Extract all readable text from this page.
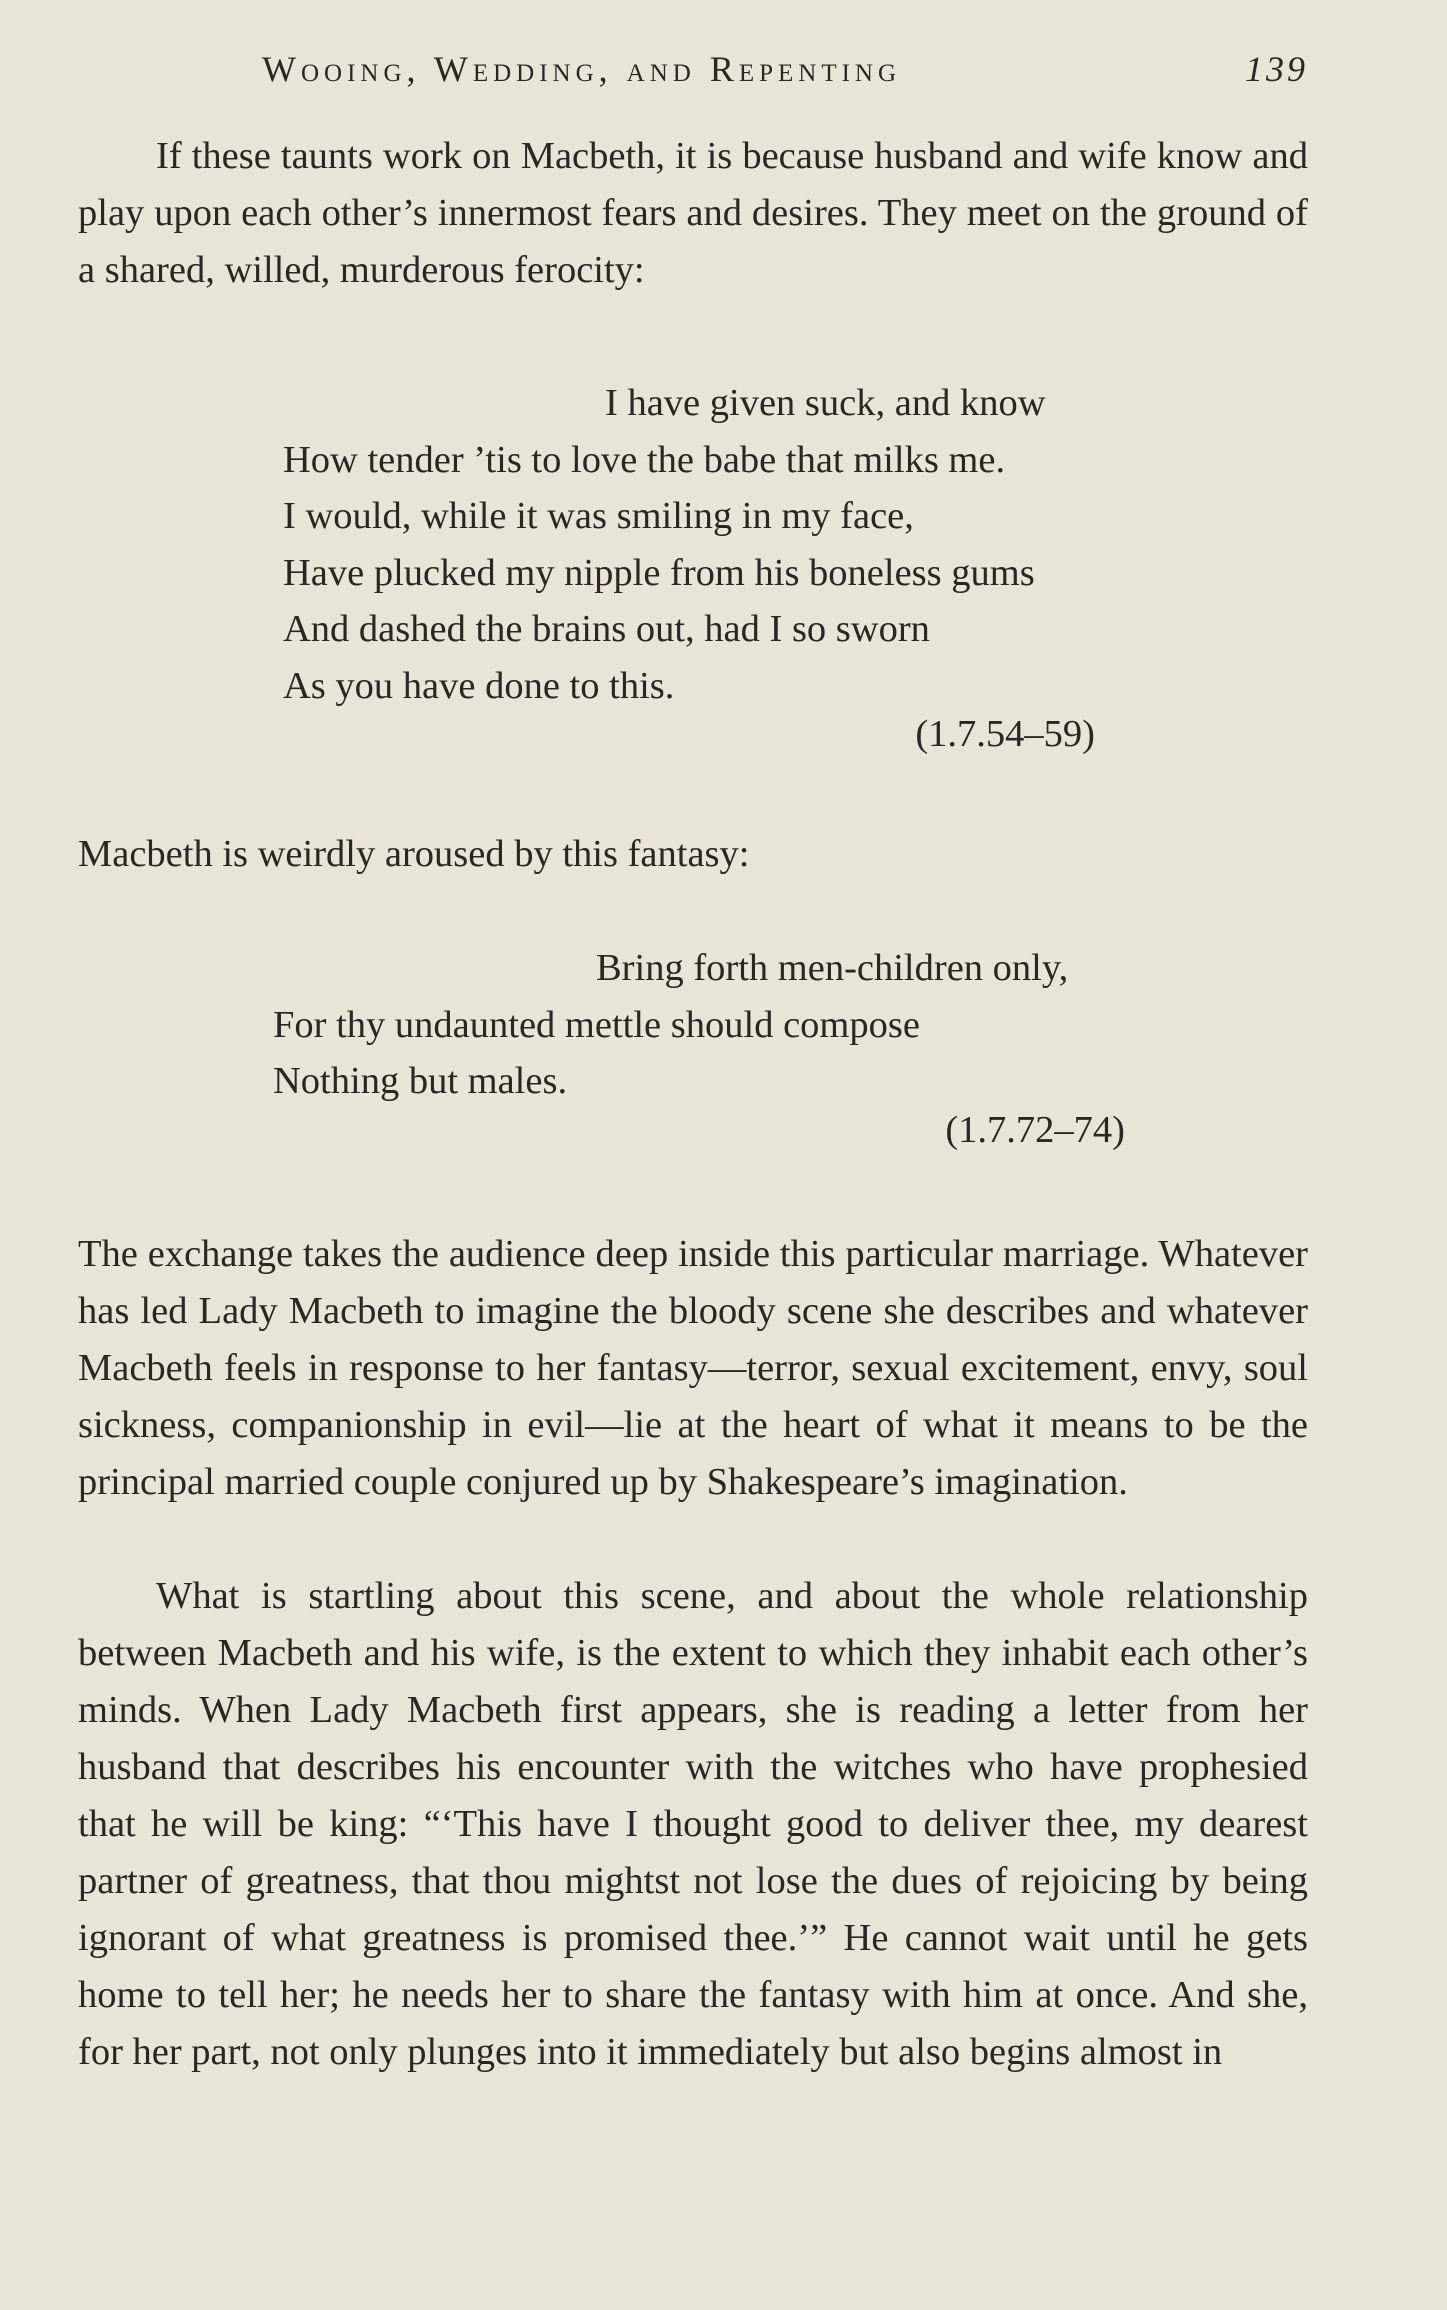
Wooing, Wedding, and Repenting	139

If these taunts work on Macbeth, it is because husband and wife know and play upon each other’s innermost fears and desires. They meet on the ground of a shared, willed, murderous ferocity:

I have given suck, and know
How tender ’tis to love the babe that milks me.
I would, while it was smiling in my face,
Have plucked my nipple from his boneless gums
And dashed the brains out, had I so sworn
As you have done to this.
(1.7.54–59)

Macbeth is weirdly aroused by this fantasy:

Bring forth men-children only,
For thy undaunted mettle should compose
Nothing but males.
(1.7.72–74)

The exchange takes the audience deep inside this particular marriage. Whatever has led Lady Macbeth to imagine the bloody scene she describes and whatever Macbeth feels in response to her fantasy—terror, sexual excitement, envy, soul sickness, companionship in evil—lie at the heart of what it means to be the principal married couple conjured up by Shakespeare’s imagination.

What is startling about this scene, and about the whole relationship between Macbeth and his wife, is the extent to which they inhabit each other’s minds. When Lady Macbeth first appears, she is reading a letter from her husband that describes his encounter with the witches who have prophesied that he will be king: “‘This have I thought good to deliver thee, my dearest partner of greatness, that thou mightst not lose the dues of rejoicing by being ignorant of what greatness is promised thee.’” He cannot wait until he gets home to tell her; he needs her to share the fantasy with him at once. And she, for her part, not only plunges into it immediately but also begins almost in
